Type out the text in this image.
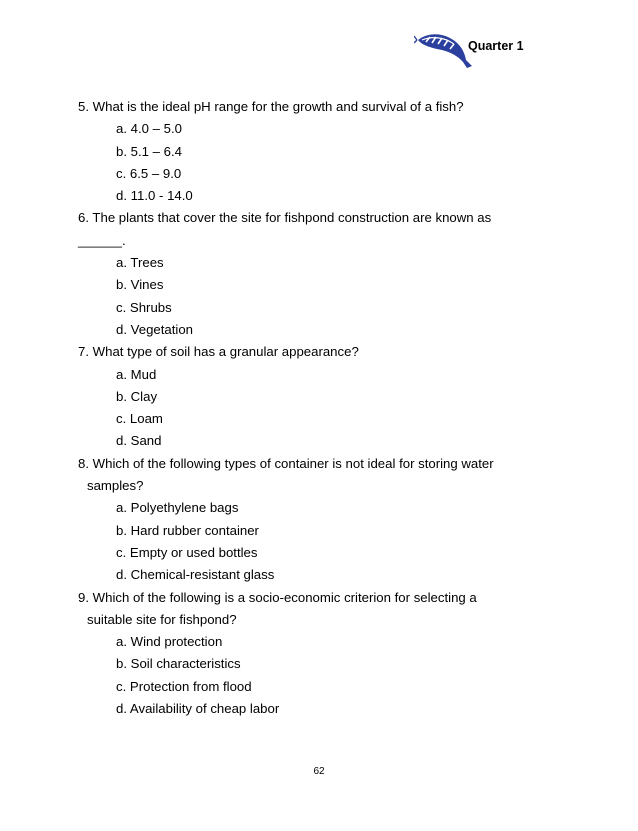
Quarter 1
5. What is the ideal pH range for the growth and survival of a fish?
a. 4.0 – 5.0
b. 5.1 – 6.4
c. 6.5 – 9.0
d. 11.0 - 14.0
6. The plants that cover the site for fishpond construction are known as
______.
a. Trees
b. Vines
c. Shrubs
d. Vegetation
7. What type of soil has a granular appearance?
a. Mud
b. Clay
c. Loam
d. Sand
8. Which of the following types of container is not ideal for storing water
samples?
a. Polyethylene bags
b. Hard rubber container
c. Empty or used bottles
d. Chemical-resistant glass
9. Which of the following is a socio-economic criterion for selecting a
suitable site for fishpond?
a. Wind protection
b. Soil characteristics
c. Protection from flood
d. Availability of cheap labor
62
